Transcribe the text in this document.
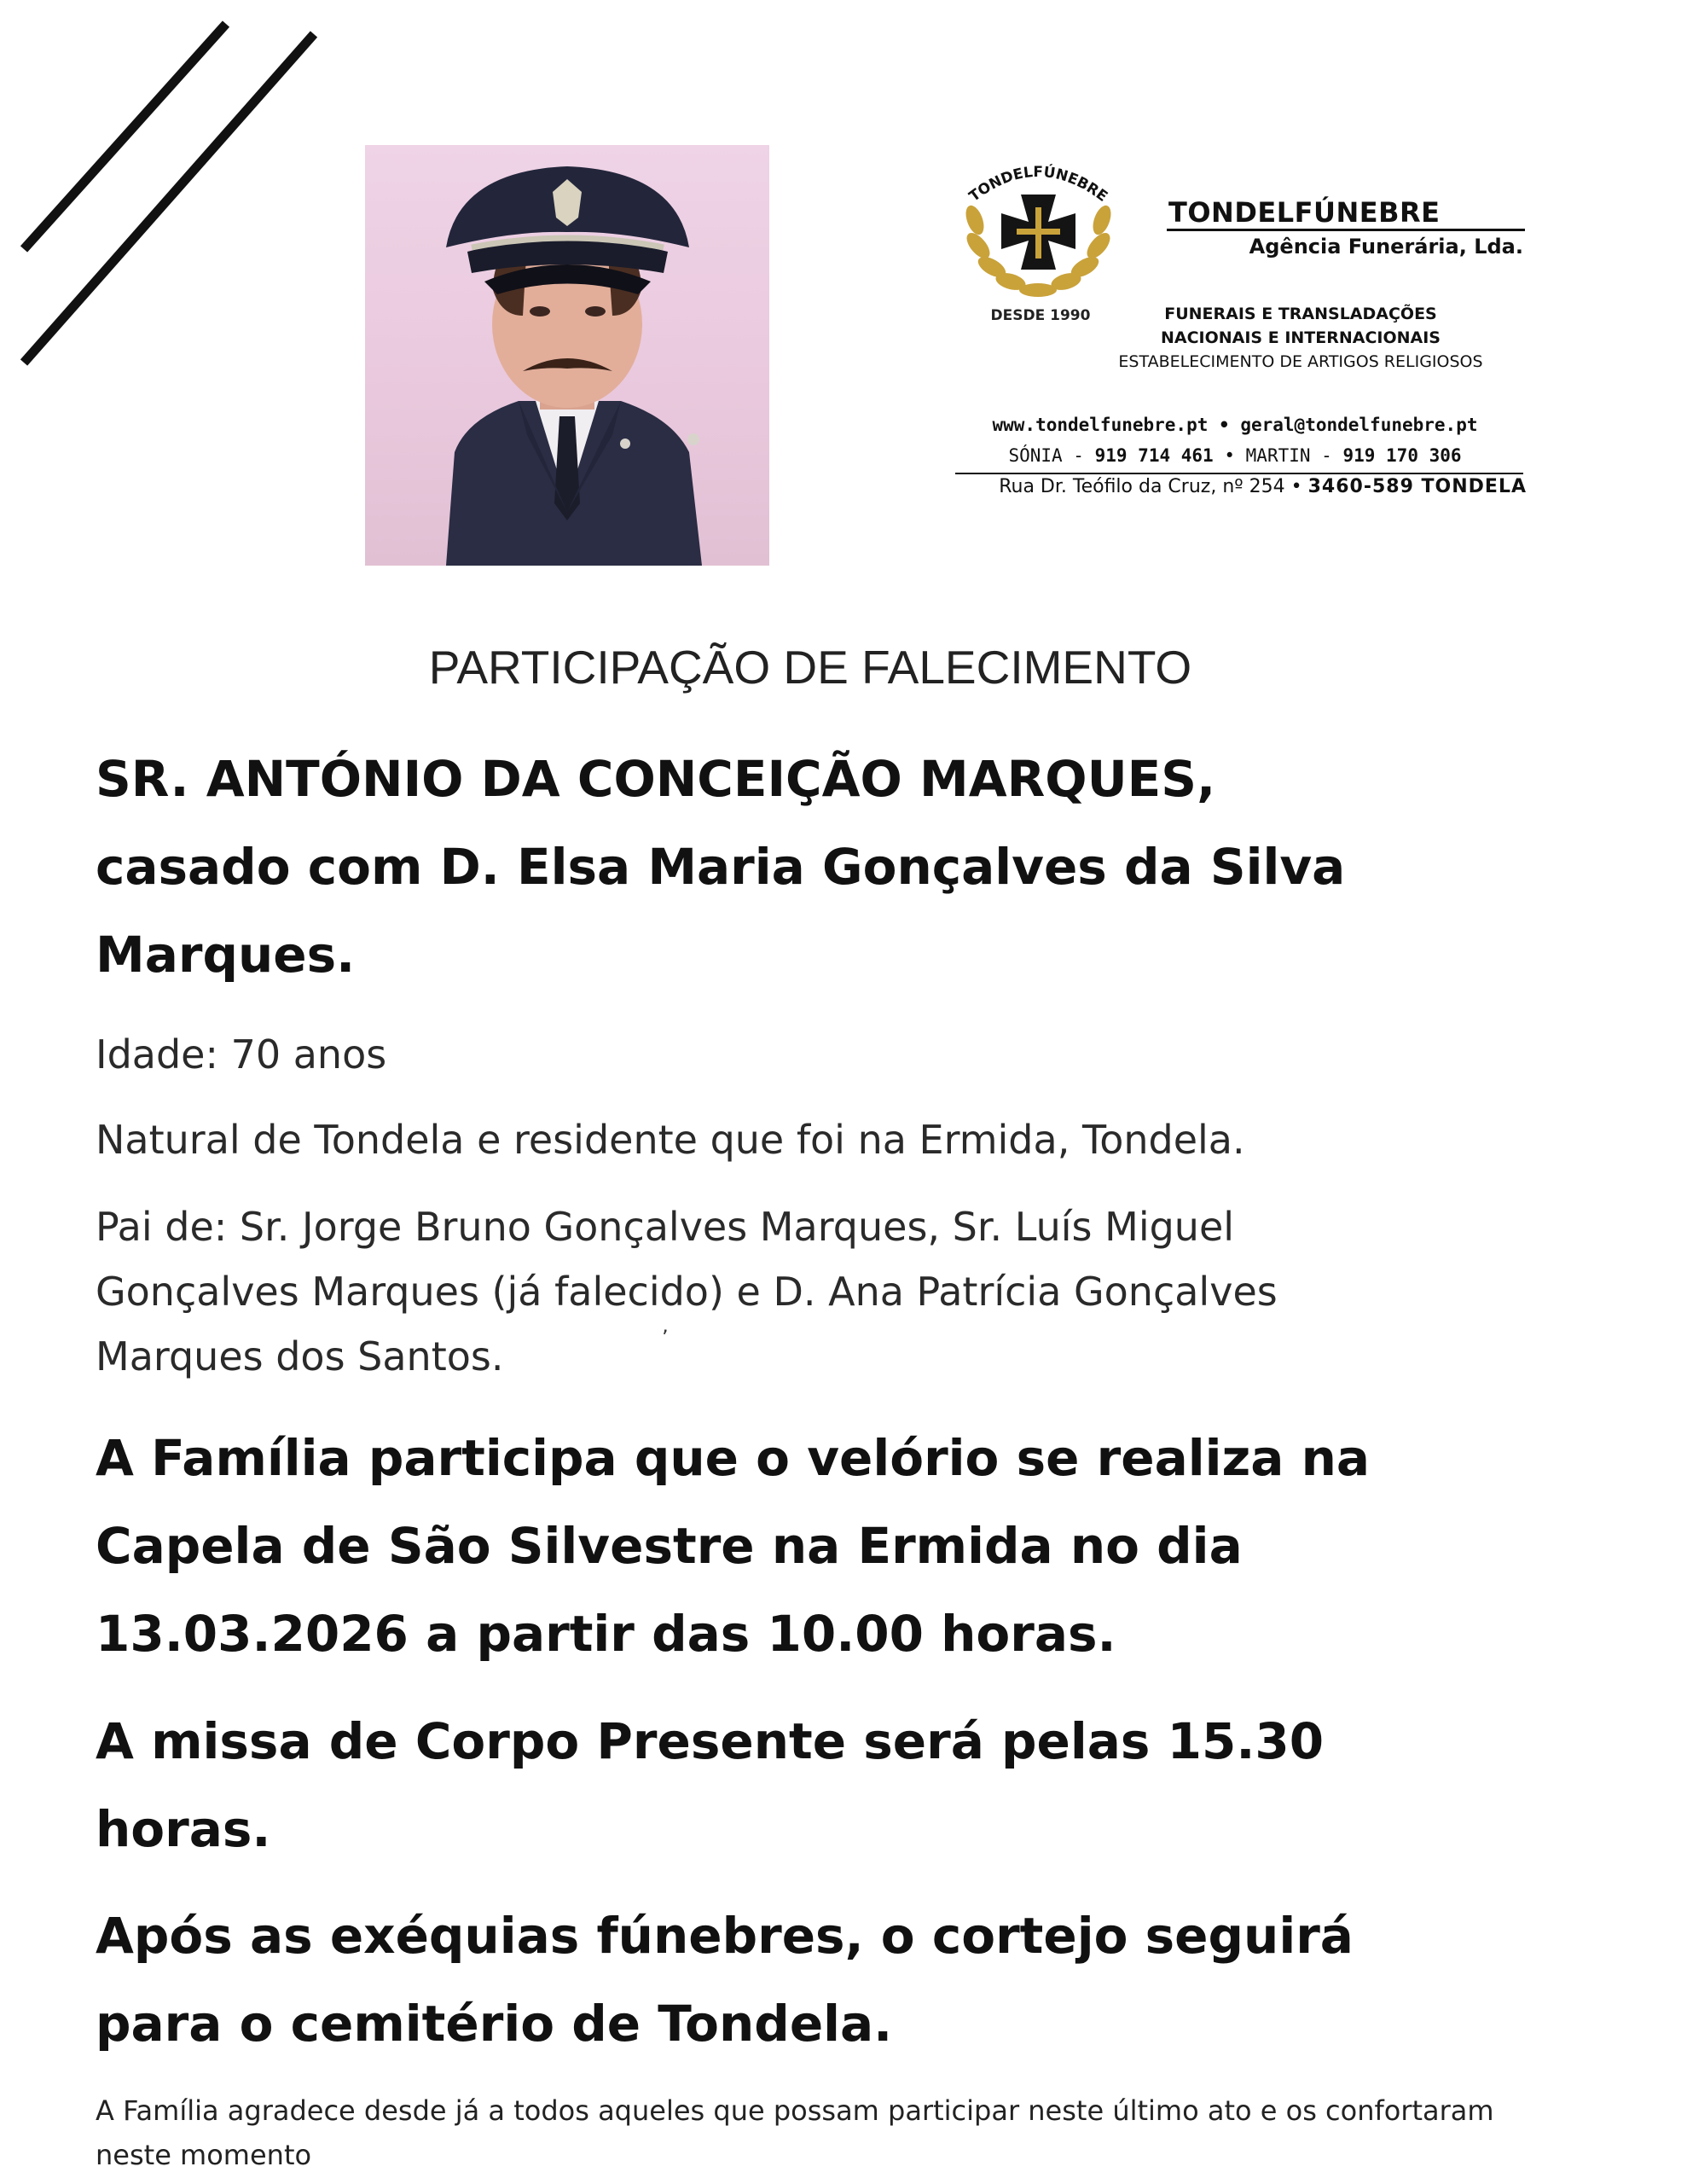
TONDELFÚNEBRE
DESDE 1990
TONDELFÚNEBRE
Agência Funerária, Lda.
FUNERAIS E TRANSLADAÇÕES
NACIONAIS E INTERNACIONAIS
ESTABELECIMENTO DE ARTIGOS RELIGIOSOS
www.tondelfunebre.pt • geral@tondelfunebre.pt
SÓNIA - 919 714 461 • MARTIN - 919 170 306
Rua Dr. Teófilo da Cruz, nº 254 • 3460-589 TONDELA
PARTICIPAÇÃO DE FALECIMENTO
SR. ANTÓNIO DA CONCEIÇÃO MARQUES,
casado com D. Elsa Maria Gonçalves da Silva
Marques.
Idade: 70 anos
Natural de Tondela e residente que foi na Ermida, Tondela.
Pai de: Sr. Jorge Bruno Gonçalves Marques, Sr. Luís Miguel
Gonçalves Marques (já falecido) e D. Ana Patrícia Gonçalves
Marques dos Santos.	’
A Família participa que o velório se realiza na
Capela de São Silvestre na Ermida no dia
13.03.2026 a partir das 10.00 horas.
A missa de Corpo Presente será pelas 15.30
horas.
Após as exéquias fúnebres, o cortejo seguirá
para o cemitério de Tondela.
A Família agradece desde já a todos aqueles que possam participar neste último ato e os confortaram
neste momento
